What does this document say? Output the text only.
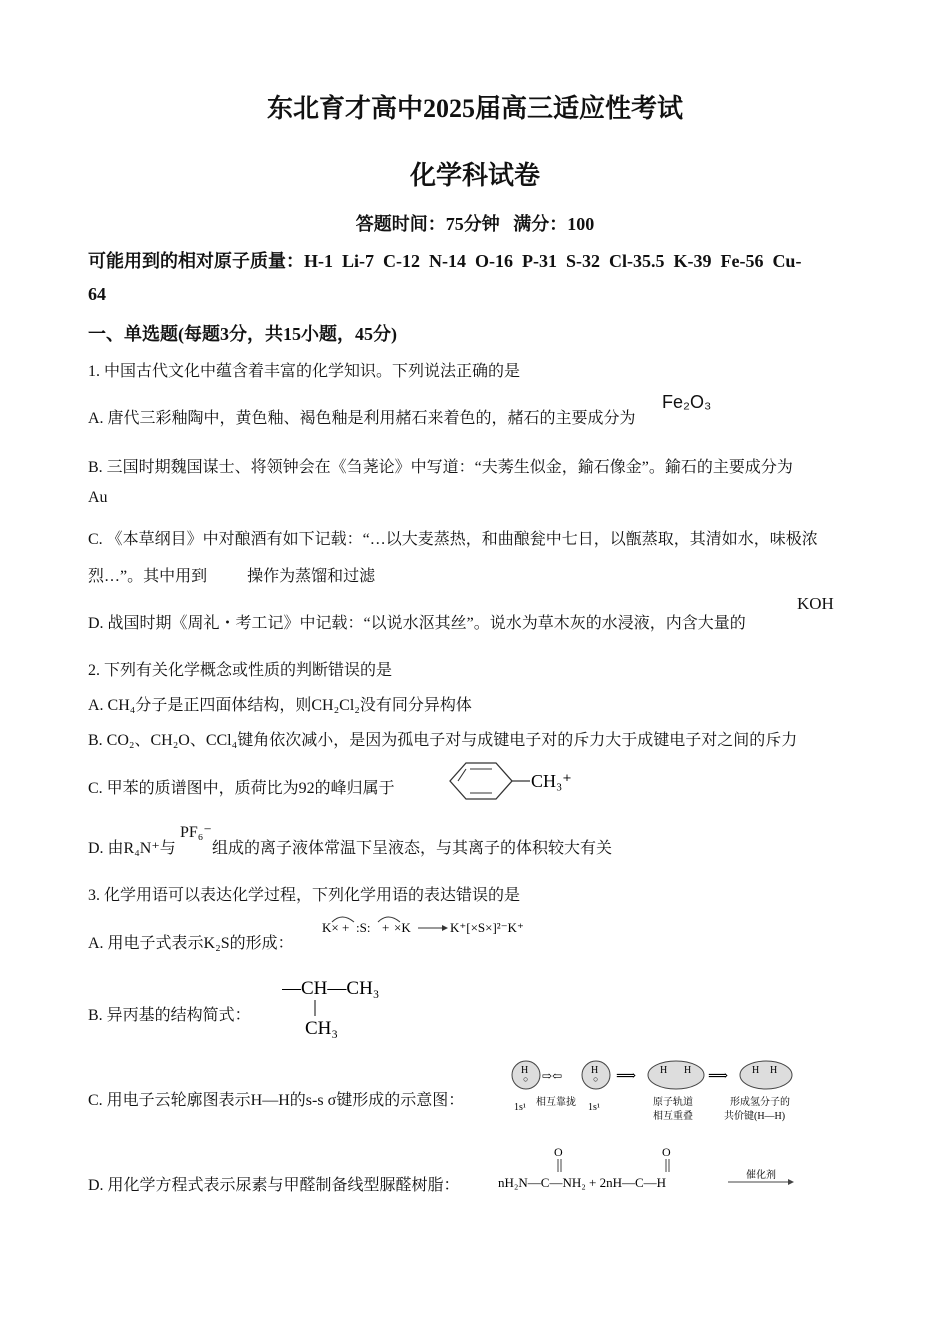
东北育才高中2025届高三适应性考试
化学科试卷
答题时间：75分钟   满分：100
可能用到的相对原子质量：H-1  Li-7  C-12  N-14  O-16  P-31  S-32  Cl-35.5  K-39  Fe-56  Cu-
64
一、单选题(每题3分，共15小题，45分)
1. 中国古代文化中蕴含着丰富的化学知识。下列说法正确的是
A. 唐代三彩釉陶中，黄色釉、褐色釉是利用赭石来着色的，赭石的主要成分为
Fe₂O₃
B. 三国时期魏国谋士、将领钟会在《刍荛论》中写道：“夫莠生似金，鍮石像金”。鍮石的主要成分为
Au
C. 《本草纲目》中对酿酒有如下记载：“…以大麦蒸热，和曲酿瓮中七日，以甑蒸取，其清如水，味极浓
烈…”。其中用到          操作为蒸馏和过滤
D. 战国时期《周礼・考工记》中记载：“以说水沤其丝”。说水为草木灰的水浸液，内含大量的
KOH
2. 下列有关化学概念或性质的判断错误的是
A. CH₄分子是正四面体结构，则CH₂Cl₂没有同分异构体
B. CO₂、CH₂O、CCl₄键角依次减小，是因为孤电子对与成键电子对的斥力大于成键电子对之间的斥力
C. 甲苯的质谱图中，质荷比为92的峰归属于	CH₃⁺
D. 由R₄N⁺与
PF₆⁻
组成的离子液体常温下呈液态，与其离子的体积较大有关
3. 化学用语可以表达化学过程，下列化学用语的表达错误的是
A. 用电子式表示K₂S的形成：
K× + :S: + ×K	K⁺[×S×]²⁻K⁺
B. 异丙基的结构简式：
—CH—CH₃
CH₃
C. 用电子云轮廓图表示H—H的s-s σ键形成的示意图：
H
○ ⇨⇦	H
○ ⟹ H H ⟹ H H
1s¹ 相互靠拢 1s¹	原子轨道
相互重叠
形成氢分子的
共价键(H—H)
D. 用化学方程式表示尿素与甲醛制备线型脲醛树脂：
O
nH₂N—C—NH₂ + 2nH—C—H
O
催化剂
